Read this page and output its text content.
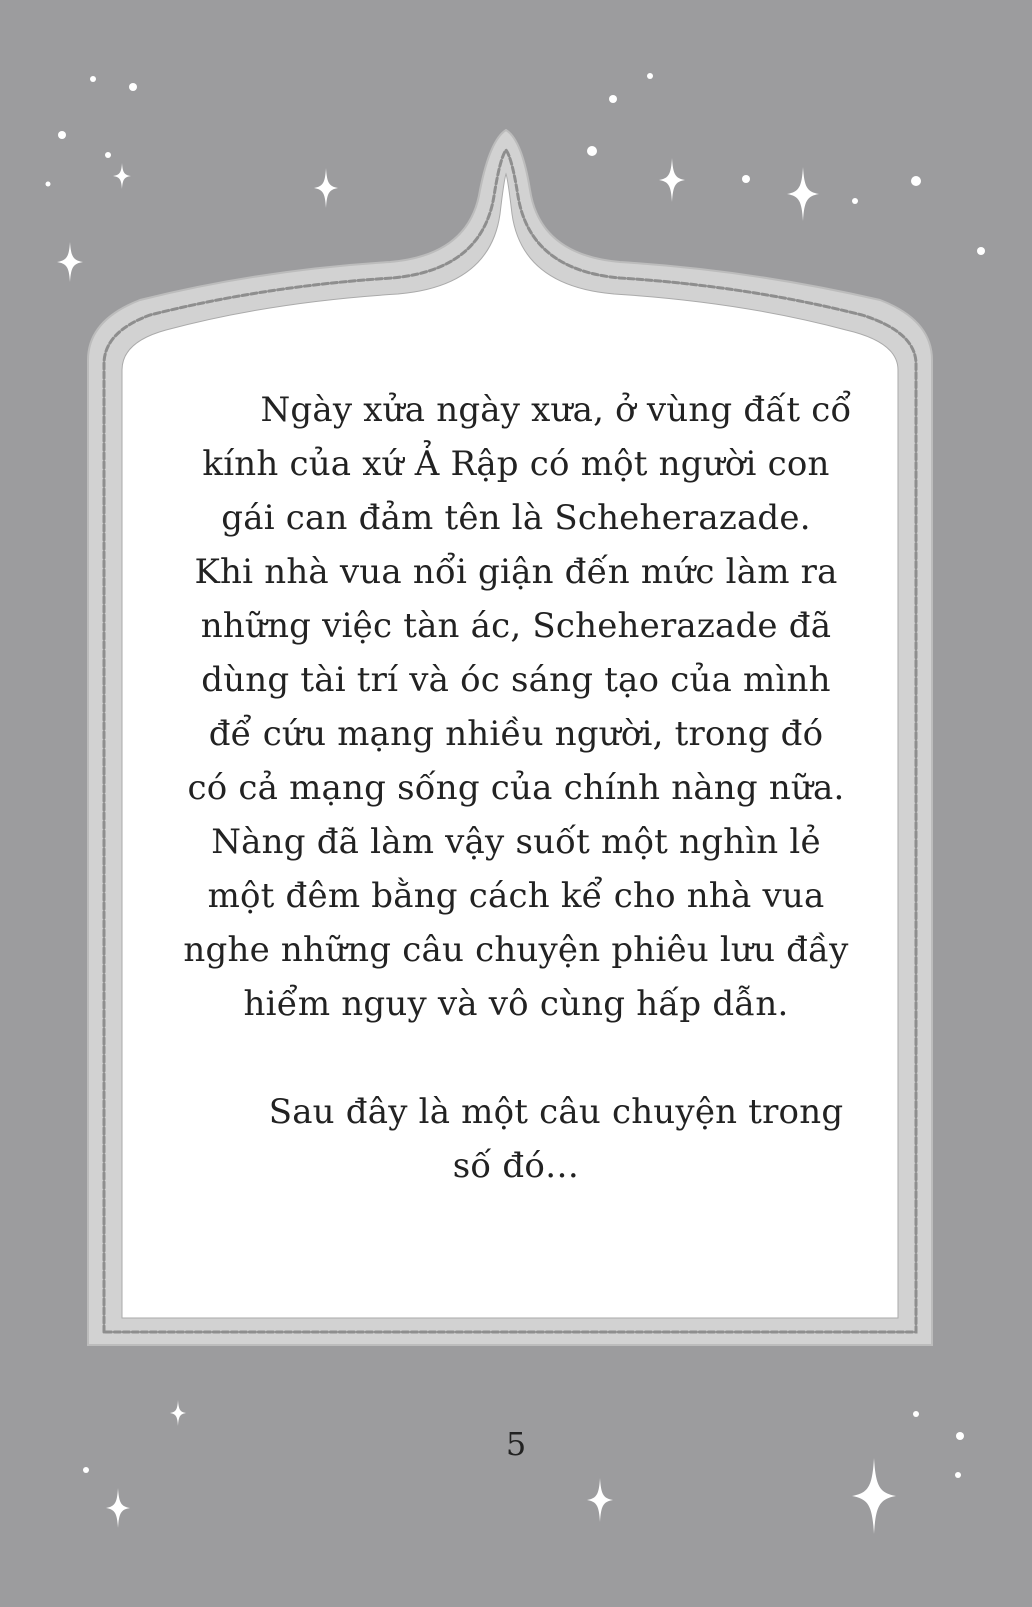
Ngày xửa ngày xưa, ở vùng đất cổ
kính của xứ Ả Rập có một người con
gái can đảm tên là Scheherazade.
Khi nhà vua nổi giận đến mức làm ra
những việc tàn ác, Scheherazade đã
dùng tài trí và óc sáng tạo của mình
để cứu mạng nhiều người, trong đó
có cả mạng sống của chính nàng nữa.
Nàng đã làm vậy suốt một nghìn lẻ
một đêm bằng cách kể cho nhà vua
nghe những câu chuyện phiêu lưu đầy
hiểm nguy và vô cùng hấp dẫn.
Sau đây là một câu chuyện trong
số đó…
5
